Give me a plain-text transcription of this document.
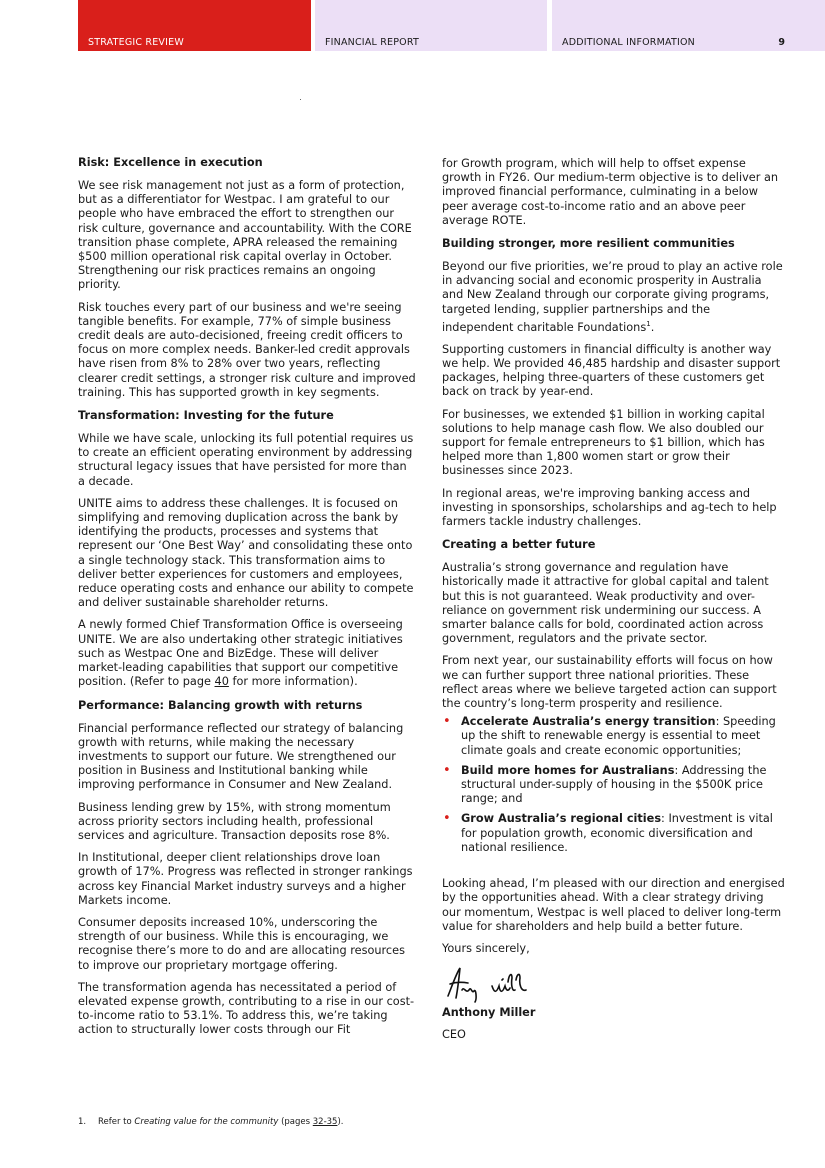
STRATEGIC REVIEW	FINANCIAL REPORT	ADDITIONAL INFORMATION	9
Risk: Excellence in execution

We see risk management not just as a form of protection, but as a differentiator for Westpac. I am grateful to our people who have embraced the effort to strengthen our risk culture, governance and accountability. With the CORE transition phase complete, APRA released the remaining $500 million operational risk capital overlay in October. Strengthening our risk practices remains an ongoing priority.

Risk touches every part of our business and we're seeing tangible benefits. For example, 77% of simple business credit deals are auto-decisioned, freeing credit officers to focus on more complex needs. Banker-led credit approvals have risen from 8% to 28% over two years, reflecting clearer credit settings, a stronger risk culture and improved training. This has supported growth in key segments.

Transformation: Investing for the future

While we have scale, unlocking its full potential requires us to create an efficient operating environment by addressing structural legacy issues that have persisted for more than a decade.

UNITE aims to address these challenges. It is focused on simplifying and removing duplication across the bank by identifying the products, processes and systems that represent our ‘One Best Way’ and consolidating these onto a single technology stack. This transformation aims to deliver better experiences for customers and employees, reduce operating costs and enhance our ability to compete and deliver sustainable shareholder returns.

A newly formed Chief Transformation Office is overseeing UNITE. We are also undertaking other strategic initiatives such as Westpac One and BizEdge. These will deliver market-leading capabilities that support our competitive position. (Refer to page 40 for more information).

Performance: Balancing growth with returns

Financial performance reflected our strategy of balancing growth with returns, while making the necessary investments to support our future. We strengthened our position in Business and Institutional banking while improving performance in Consumer and New Zealand.

Business lending grew by 15%, with strong momentum across priority sectors including health, professional services and agriculture. Transaction deposits rose 8%.

In Institutional, deeper client relationships drove loan growth of 17%. Progress was reflected in stronger rankings across key Financial Market industry surveys and a higher Markets income.

Consumer deposits increased 10%, underscoring the strength of our business. While this is encouraging, we recognise there’s more to do and are allocating resources to improve our proprietary mortgage offering.

The transformation agenda has necessitated a period of elevated expense growth, contributing to a rise in our cost-to-income ratio to 53.1%. To address this, we’re taking action to structurally lower costs through our Fit

for Growth program, which will help to offset expense growth in FY26. Our medium-term objective is to deliver an improved financial performance, culminating in a below peer average cost-to-income ratio and an above peer average ROTE.

Building stronger, more resilient communities

Beyond our five priorities, we’re proud to play an active role in advancing social and economic prosperity in Australia and New Zealand through our corporate giving programs, targeted lending, supplier partnerships and the independent charitable Foundations$^1$.

Supporting customers in financial difficulty is another way we help. We provided 46,485 hardship and disaster support packages, helping three-quarters of these customers get back on track by year-end.

For businesses, we extended $1 billion in working capital solutions to help manage cash flow. We also doubled our support for female entrepreneurs to $1 billion, which has helped more than 1,800 women start or grow their businesses since 2023.

In regional areas, we're improving banking access and investing in sponsorships, scholarships and ag-tech to help farmers tackle industry challenges.

Creating a better future

Australia’s strong governance and regulation have historically made it attractive for global capital and talent but this is not guaranteed. Weak productivity and over-reliance on government risk undermining our success. A smarter balance calls for bold, coordinated action across government, regulators and the private sector.

From next year, our sustainability efforts will focus on how we can further support three national priorities. These reflect areas where we believe targeted action can support the country’s long-term prosperity and resilience.

• Accelerate Australia’s energy transition: Speeding up the shift to renewable energy is essential to meet climate goals and create economic opportunities;
• Build more homes for Australians: Addressing the structural under-supply of housing in the $500K price range; and
• Grow Australia’s regional cities: Investment is vital for population growth, economic diversification and national resilience.

Looking ahead, I’m pleased with our direction and energised by the opportunities ahead. With a clear strategy driving our momentum, Westpac is well placed to deliver long-term value for shareholders and help build a better future.

Yours sincerely,

Anthony Miller

CEO

1. Refer to Creating value for the community (pages 32-35).
